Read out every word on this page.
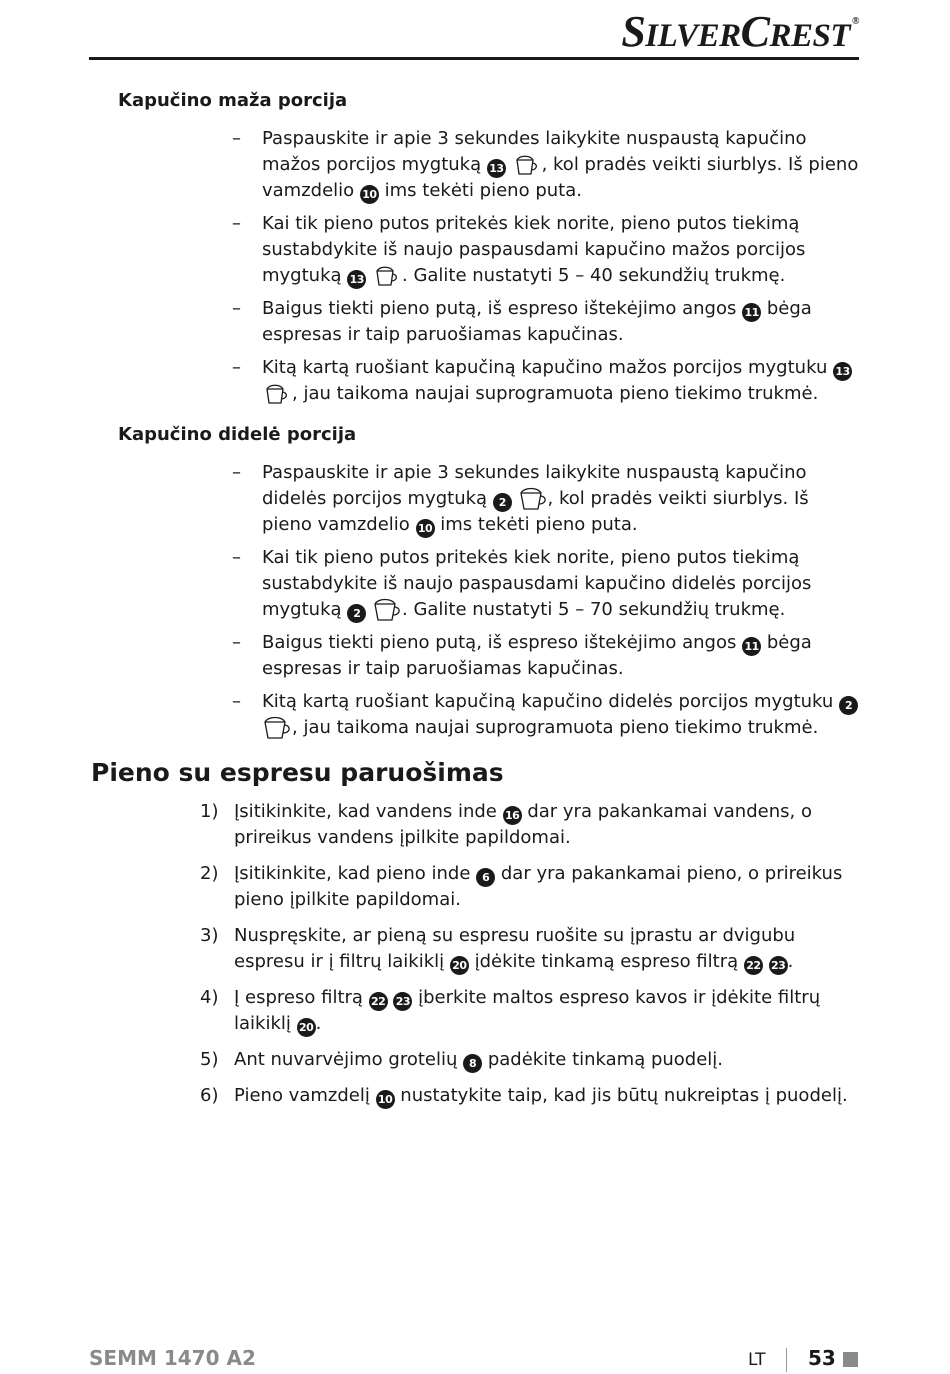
SILVERCREST ®
Kapučino maža porcija
– Paspauskite ir apie 3 sekundes laikykite nuspaustą kapučino mažos porcijos mygtuką 13 , kol pradės veikti siurblys. Iš pieno vamzdelio 10 ims tekėti pieno puta.
– Kai tik pieno putos pritekės kiek norite, pieno putos tiekimą sustabdykite iš naujo paspausdami kapučino mažos porcijos mygtuką 13 . Galite nustatyti 5 – 40 sekundžių trukmę.
– Baigus tiekti pieno putą, iš espreso ištekėjimo angos 11 bėga espresas ir taip paruošiamas kapučinas.
– Kitą kartą ruošiant kapučiną kapučino mažos porcijos mygtuku 13 , jau taikoma naujai suprogramuota pieno tiekimo trukmė.
Kapučino didelė porcija
– Paspauskite ir apie 3 sekundes laikykite nuspaustą kapučino didelės porcijos mygtuką 2 , kol pradės veikti siurblys. Iš pieno vamzdelio 10 ims tekėti pieno puta.
– Kai tik pieno putos pritekės kiek norite, pieno putos tiekimą sustabdykite iš naujo paspausdami kapučino didelės porcijos mygtuką 2 . Galite nustatyti 5 – 70 sekundžių trukmę.
– Baigus tiekti pieno putą, iš espreso ištekėjimo angos 11 bėga espresas ir taip paruošiamas kapučinas.
– Kitą kartą ruošiant kapučiną kapučino didelės porcijos mygtuku 2 , jau taikoma naujai suprogramuota pieno tiekimo trukmė.
Pieno su espresu paruošimas
1) Įsitikinkite, kad vandens inde 16 dar yra pakankamai vandens, o prireikus vandens įpilkite papildomai.
2) Įsitikinkite, kad pieno inde 6 dar yra pakankamai pieno, o prireikus pieno įpilkite papildomai.
3) Nuspręskite, ar pieną su espresu ruošite su įprastu ar dvigubu espresu ir į filtrų laikiklį 20 įdėkite tinkamą espreso filtrą 22 23 .
4) Į espreso filtrą 22 23 įberkite maltos espreso kavos ir įdėkite filtrų laikiklį 20 .
5) Ant nuvarvėjimo grotelių 8 padėkite tinkamą puodelį.
6) Pieno vamzdelį 10 nustatykite taip, kad jis būtų nukreiptas į puodelį.
SEMM 1470 A2	LT 53
